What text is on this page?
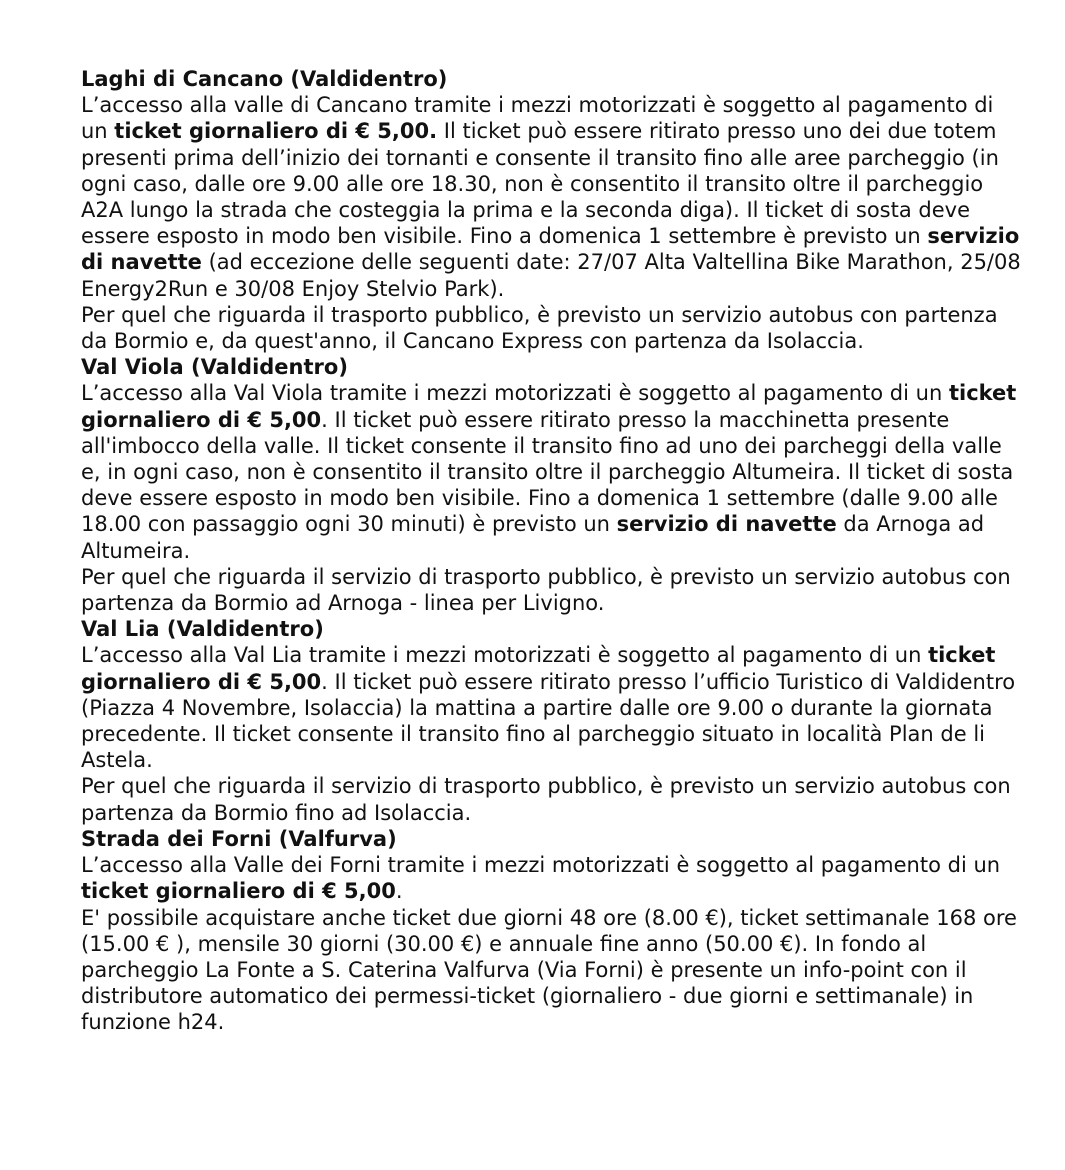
Laghi di Cancano (Valdidentro)
L’accesso alla valle di Cancano tramite i mezzi motorizzati è soggetto al pagamento di un ticket giornaliero di € 5,00. Il ticket può essere ritirato presso uno dei due totem presenti prima dell’inizio dei tornanti e consente il transito fino alle aree parcheggio (in ogni caso, dalle ore 9.00 alle ore 18.30, non è consentito il transito oltre il parcheggio A2A lungo la strada che costeggia la prima e la seconda diga). Il ticket di sosta deve essere esposto in modo ben visibile. Fino a domenica 1 settembre è previsto un servizio di navette (ad eccezione delle seguenti date: 27/07 Alta Valtellina Bike Marathon, 25/08 Energy2Run e 30/08 Enjoy Stelvio Park).
Per quel che riguarda il trasporto pubblico, è previsto un servizio autobus con partenza da Bormio e, da quest'anno, il Cancano Express con partenza da Isolaccia.
Val Viola (Valdidentro)
L’accesso alla Val Viola tramite i mezzi motorizzati è soggetto al pagamento di un ticket giornaliero di € 5,00. Il ticket può essere ritirato presso la macchinetta presente all'imbocco della valle. Il ticket consente il transito fino ad uno dei parcheggi della valle e, in ogni caso, non è consentito il transito oltre il parcheggio Altumeira. Il ticket di sosta deve essere esposto in modo ben visibile. Fino a domenica 1 settembre (dalle 9.00 alle 18.00 con passaggio ogni 30 minuti) è previsto un servizio di navette da Arnoga ad Altumeira.
Per quel che riguarda il servizio di trasporto pubblico, è previsto un servizio autobus con partenza da Bormio ad Arnoga - linea per Livigno.
Val Lia (Valdidentro)
L’accesso alla Val Lia tramite i mezzi motorizzati è soggetto al pagamento di un ticket giornaliero di € 5,00. Il ticket può essere ritirato presso l’ufficio Turistico di Valdidentro (Piazza 4 Novembre, Isolaccia) la mattina a partire dalle ore 9.00 o durante la giornata precedente. Il ticket consente il transito fino al parcheggio situato in località Plan de li Astela.
Per quel che riguarda il servizio di trasporto pubblico, è previsto un servizio autobus con partenza da Bormio fino ad Isolaccia.
Strada dei Forni (Valfurva)
L’accesso alla Valle dei Forni tramite i mezzi motorizzati è soggetto al pagamento di un ticket giornaliero di € 5,00.
E' possibile acquistare anche ticket due giorni 48 ore (8.00 €), ticket settimanale 168 ore (15.00 € ), mensile 30 giorni (30.00 €) e annuale fine anno (50.00 €). In fondo al parcheggio La Fonte a S. Caterina Valfurva (Via Forni) è presente un info-point con il distributore automatico dei permessi-ticket (giornaliero - due giorni e settimanale) in funzione h24.
